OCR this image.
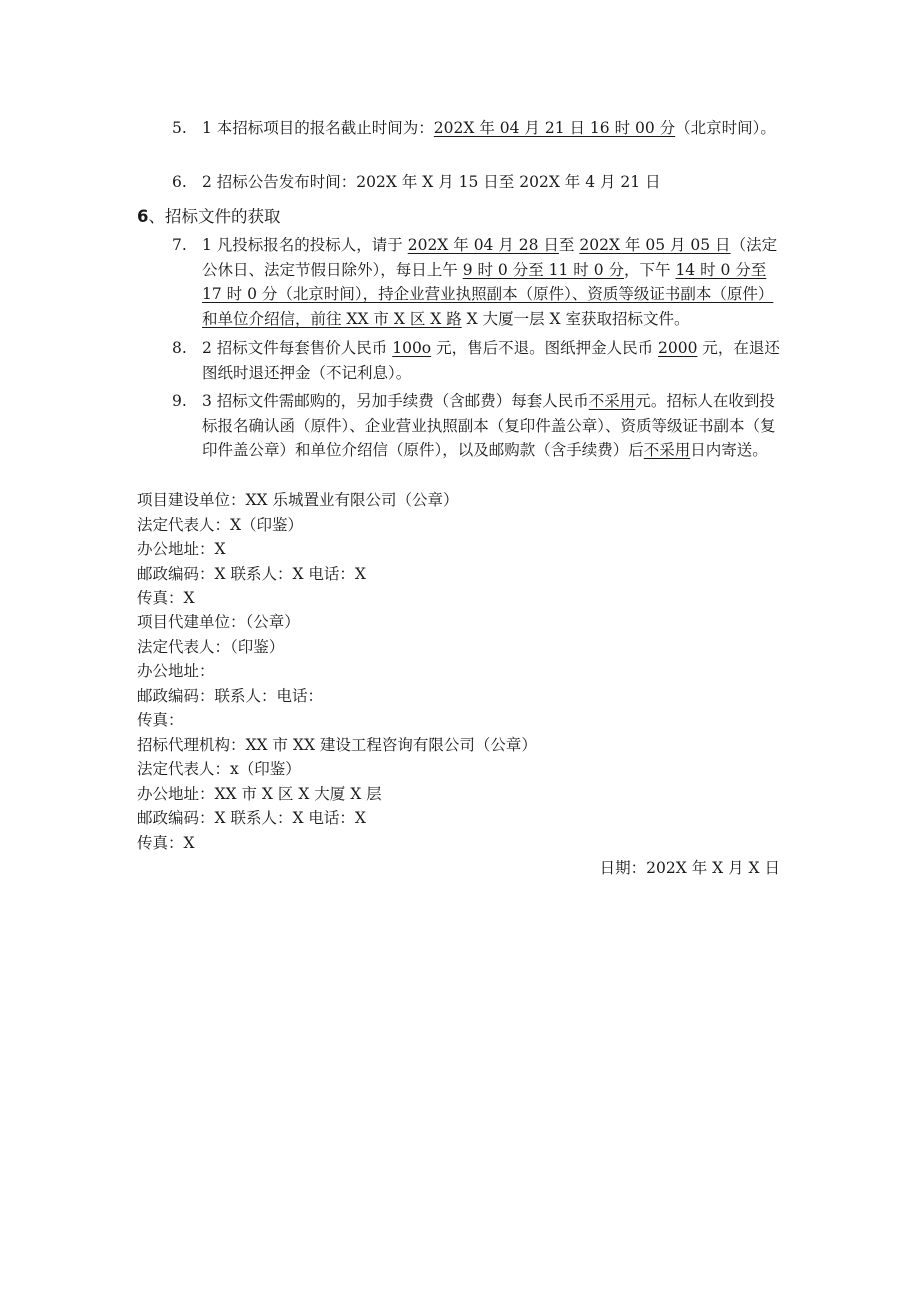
5. 1 本招标项目的报名截止时间为：202X 年 04 月 21 日 16 时 00 分（北京时间）。
6. 2 招标公告发布时间：202X 年 X 月 15 日至 202X 年 4 月 21 日
6、招标文件的获取
7. 1 凡投标报名的投标人，请于 202X 年 04 月 28 日至 202X 年 05 月 05 日（法定公休日、法定节假日除外），每日上午 9 时 0 分至 11 时 0 分，下午 14 时 0 分至 17 时 0 分（北京时间），持企业营业执照副本（原件）、资质等级证书副本（原件）和单位介绍信，前往 XX 市 X 区 X 路 X 大厦一层 X 室获取招标文件。
8. 2 招标文件每套售价人民币 100o 元，售后不退。图纸押金人民币 2000 元，在退还图纸时退还押金（不记利息）。
9. 3 招标文件需邮购的，另加手续费（含邮费）每套人民币不采用元。招标人在收到投标报名确认函（原件）、企业营业执照副本（复印件盖公章）、资质等级证书副本（复印件盖公章）和单位介绍信（原件），以及邮购款（含手续费）后不采用日内寄送。
项目建设单位：XX 乐城置业有限公司（公章）
法定代表人：X（印鉴）
办公地址：X
邮政编码：X 联系人：X 电话：X
传真：X
项目代建单位：（公章）
法定代表人：（印鉴）
办公地址：
邮政编码：联系人：电话：
传真：
招标代理机构：XX 市 XX 建设工程咨询有限公司（公章）
法定代表人：x（印鉴）
办公地址：XX 市 X 区 X 大厦 X 层
邮政编码：X 联系人：X 电话：X
传真：X
日期：202X 年 X 月 X 日
